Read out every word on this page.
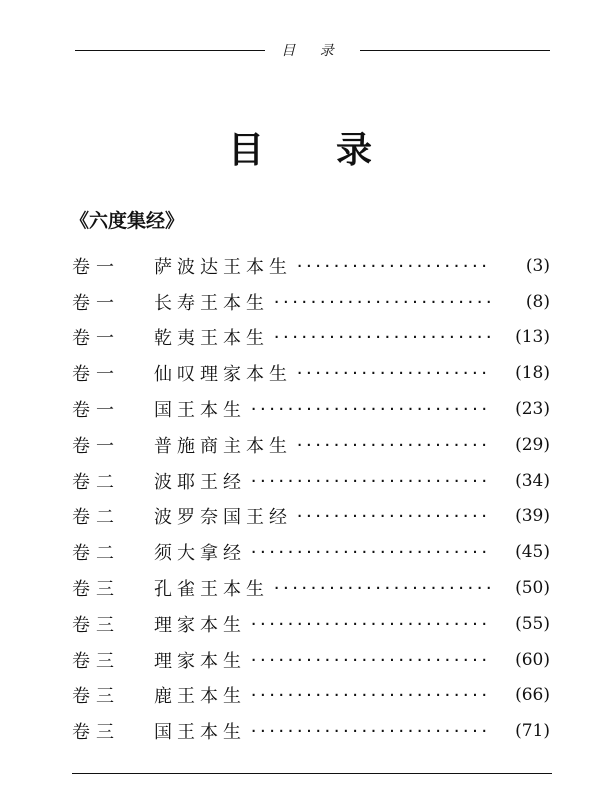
目 录
目录
《六度集经》
卷一	萨波达王本生 ·····	(3)
卷一	长寿王本生 ·····	(8)
卷一	乾夷王本生 ·····	(13)
卷一	仙叹理家本生 ·····	(18)
卷一	国王本生 ·····	(23)
卷一	普施商主本生 ·····	(29)
卷二	波耶王经 ·····	(34)
卷二	波罗奈国王经 ·····	(39)
卷二	须大拿经 ·····	(45)
卷三	孔雀王本生 ·····	(50)
卷三	理家本生 ·····	(55)
卷三	理家本生 ·····	(60)
卷三	鹿王本生 ·····	(66)
卷三	国王本生 ·····	(71)
